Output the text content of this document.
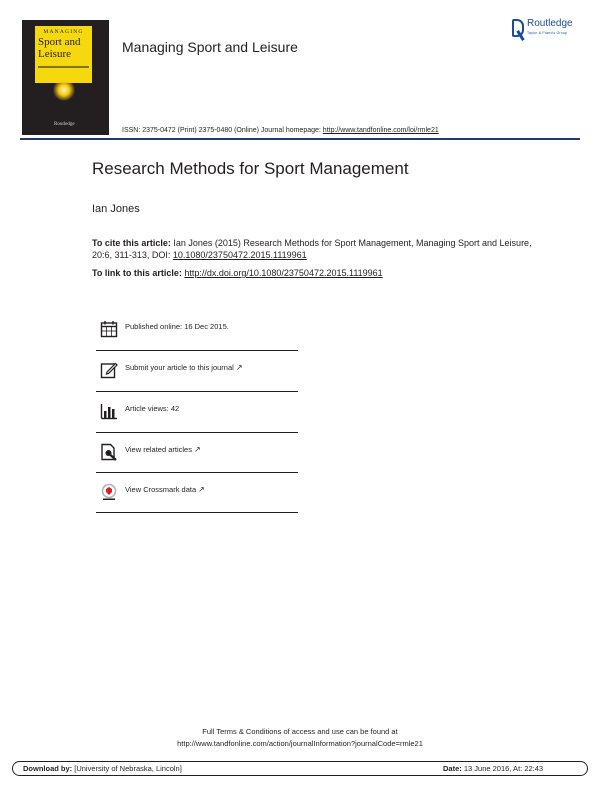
MANAGING
Sport and
Leisure
Routledge
Managing Sport and Leisure
Routledge
Taylor & Francis Group
ISSN: 2375-0472 (Print) 2375-0480 (Online) Journal homepage: http://www.tandfonline.com/loi/rmle21
Research Methods for Sport Management
Ian Jones
To cite this article: Ian Jones (2015) Research Methods for Sport Management, Managing Sport and Leisure, 20:6, 311-313, DOI: 10.1080/23750472.2015.1119961
To link to this article: http://dx.doi.org/10.1080/23750472.2015.1119961
Published online: 16 Dec 2015.
Submit your article to this journal ↗
Article views: 42
View related articles ↗
View Crossmark data ↗
Full Terms & Conditions of access and use can be found at
http://www.tandfonline.com/action/journalInformation?journalCode=rmle21
Download by: [University of Nebraska, Lincoln]	Date: 13 June 2016, At: 22:43
